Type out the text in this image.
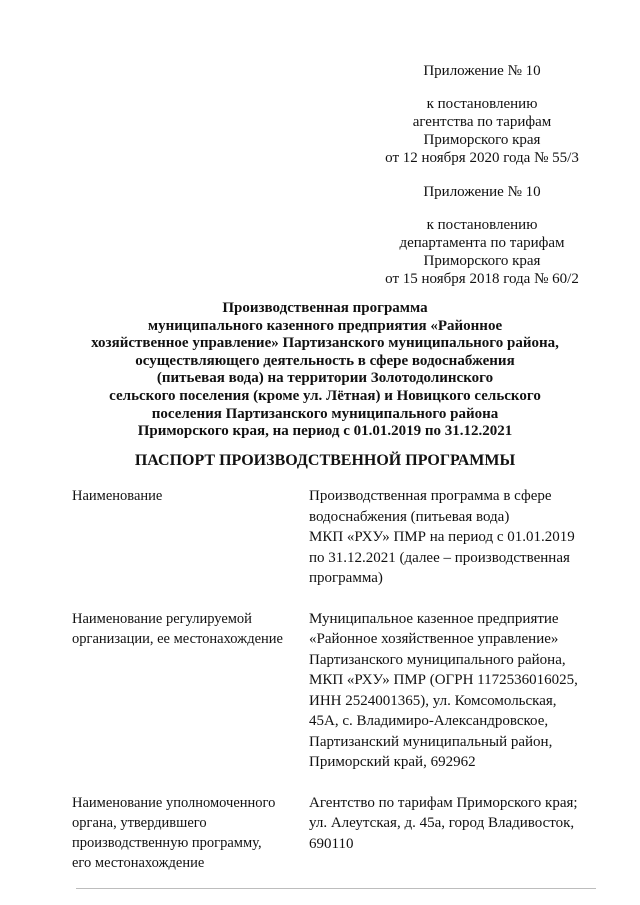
Приложение № 10
к постановлению
агентства по тарифам
Приморского края
от 12 ноября 2020 года № 55/3
Приложение № 10
к постановлению
департамента по тарифам
Приморского края
от 15 ноября 2018 года № 60/2
Производственная программа
муниципального казенного предприятия «Районное
хозяйственное управление» Партизанского муниципального района,
осуществляющего деятельность в сфере водоснабжения
(питьевая вода) на территории Золотодолинского
сельского поселения (кроме ул. Лётная) и Новицкого сельского
поселения Партизанского муниципального района
Приморского края, на период с 01.01.2019 по 31.12.2021
ПАСПОРТ ПРОИЗВОДСТВЕННОЙ ПРОГРАММЫ
Наименование	Производственная программа в сфере
водоснабжения (питьевая вода)
МКП «РХУ» ПМР на период с 01.01.2019
по 31.12.2021 (далее – производственная
программа)
Наименование регулируемой
организации, ее местонахождение
Муниципальное казенное предприятие
«Районное хозяйственное управление»
Партизанского муниципального района,
МКП «РХУ» ПМР (ОГРН 1172536016025,
ИНН 2524001365), ул. Комсомольская,
45А, с. Владимиро-Александровское,
Партизанский муниципальный район,
Приморский край, 692962
Наименование уполномоченного
органа, утвердившего
производственную программу,
его местонахождение
Агентство по тарифам Приморского края;
ул. Алеутская, д. 45а, город Владивосток,
690110
